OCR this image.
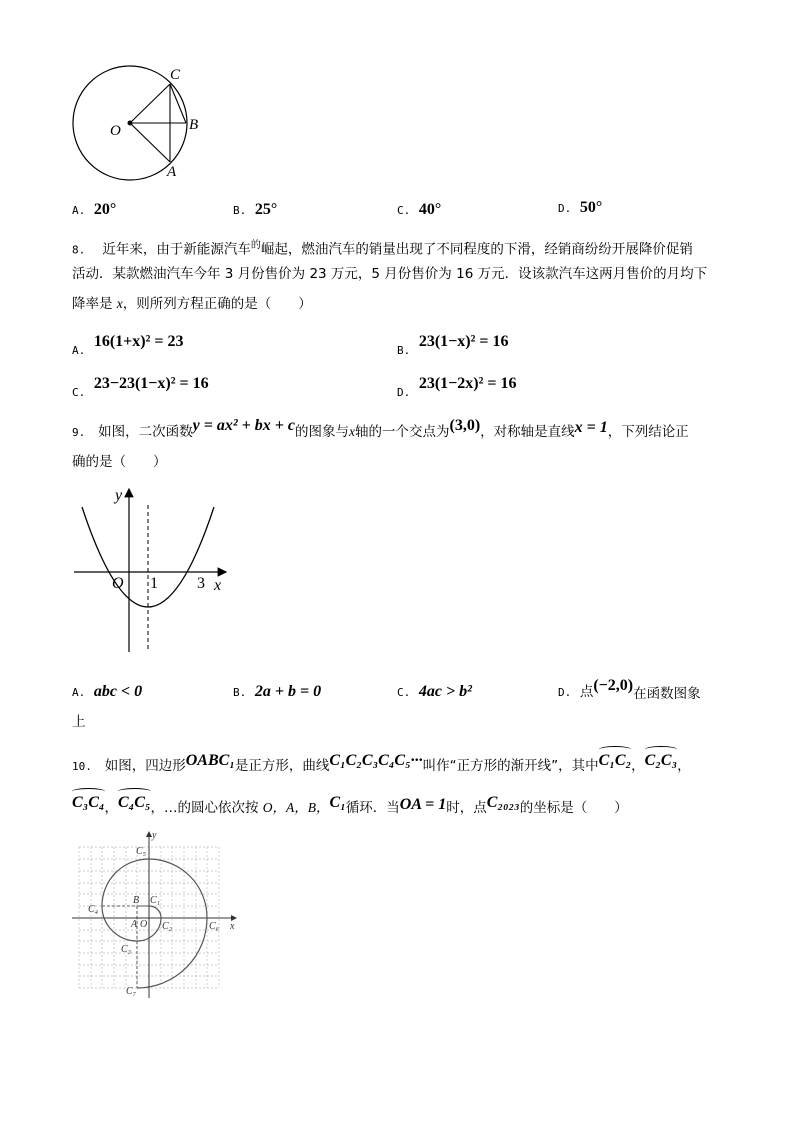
C
O	B
A
A. 20°	B. 25°	C. 40°	D. 50°
8. 近年来，由于新能源汽车$^的$崛起，燃油汽车的销量出现了不同程度的下滑，经销商纷纷开展降价促销
活动．某款燃油汽车今年 3 月份售价为 23 万元，5 月份售价为 16 万元．设该款汽车这两月售价的月均下
降率是 x，则所列方程正确的是（　　）
$_{A.}$  16(1+x)² = 23
$_{B.}$  23(1−x)² = 16
$_{C.}$  23−23(1−x)² = 16
$_{D.}$  23(1−2x)² = 16
9. 如图，二次函数y = ax² + bx + c的图象与x轴的一个交点为(3,0)，对称轴是直线x = 1，下列结论正
确的是（　　）
y
O 1 3 x
A. abc < 0	B. 2a + b = 0	C. 4ac > b²	D. 点(−2,0)在函数图象
上
10. 如图，四边形OABC₁是正方形，曲线C₁C₂C₃C₄C₅···叫作“正方形的渐开线”，其中C₁C₂，C₂C₃，
C₃C₄，C₄C₅，…的圆心依次按 O，A，B，C₁循环．当OA = 1时，点C₂₀₂₃的坐标是（　　）
y
x
O
A
B C₁
C₂
C₃
C₄
C₅
C₆
C₇
